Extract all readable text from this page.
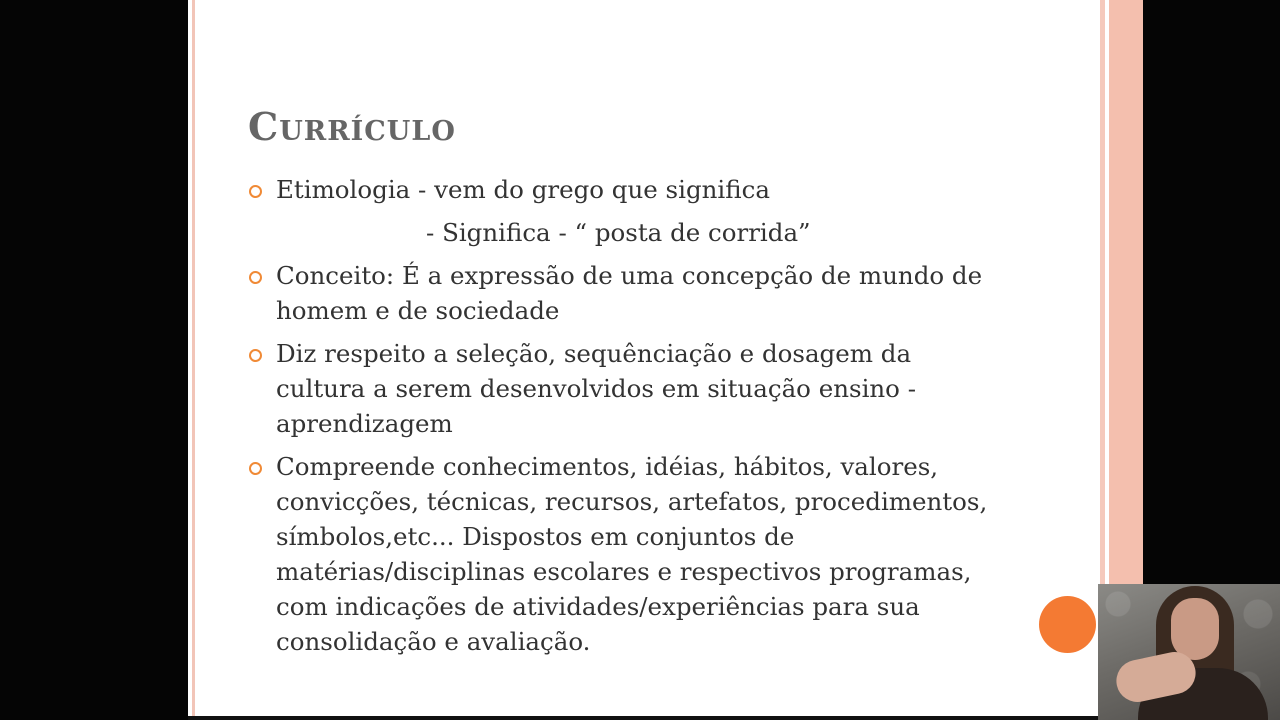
Currículo
Etimologia - vem do grego que significa
- Significa - “ posta de corrida”
Conceito: É a expressão de uma concepção de mundo de homem e de sociedade
Diz respeito a seleção, sequênciação e dosagem da cultura a serem desenvolvidos em situação ensino - aprendizagem
Compreende conhecimentos, idéias, hábitos, valores, convicções, técnicas, recursos, artefatos, procedimentos, símbolos,etc... Dispostos em conjuntos de matérias/disciplinas escolares e respectivos programas, com indicações de atividades/experiências para sua consolidação e avaliação.
